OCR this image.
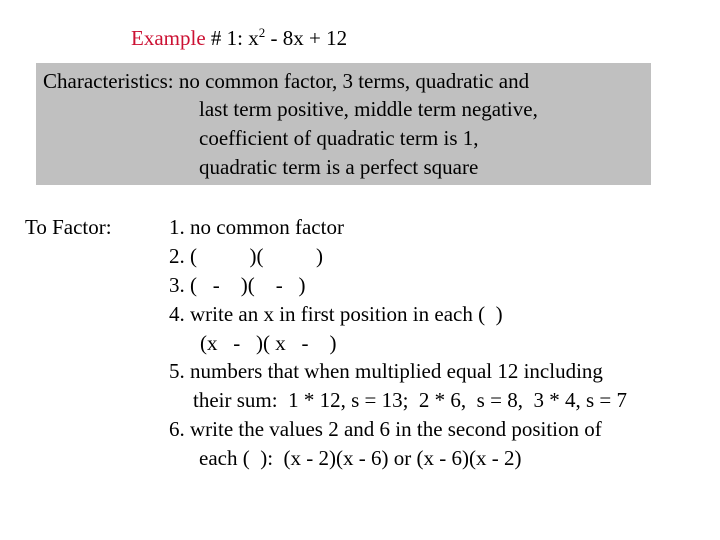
Example # 1: $x^2 - 8x + 12$
Characteristics: no common factor, 3 terms, quadratic and
last term positive, middle term negative,
coefficient of quadratic term is 1,
quadratic term is a perfect square
To Factor:	1. no common factor
2. (          )(          )
3. (   -    )(    -   )
4. write an x in first position in each (  )
(x   -   )( x   -    )
5. numbers that when multiplied equal 12 including
their sum:  1 * 12, s = 13;  2 * 6,  s = 8,  3 * 4, s = 7
6. write the values 2 and 6 in the second position of
each (  ):  (x - 2)(x - 6) or (x - 6)(x - 2)
